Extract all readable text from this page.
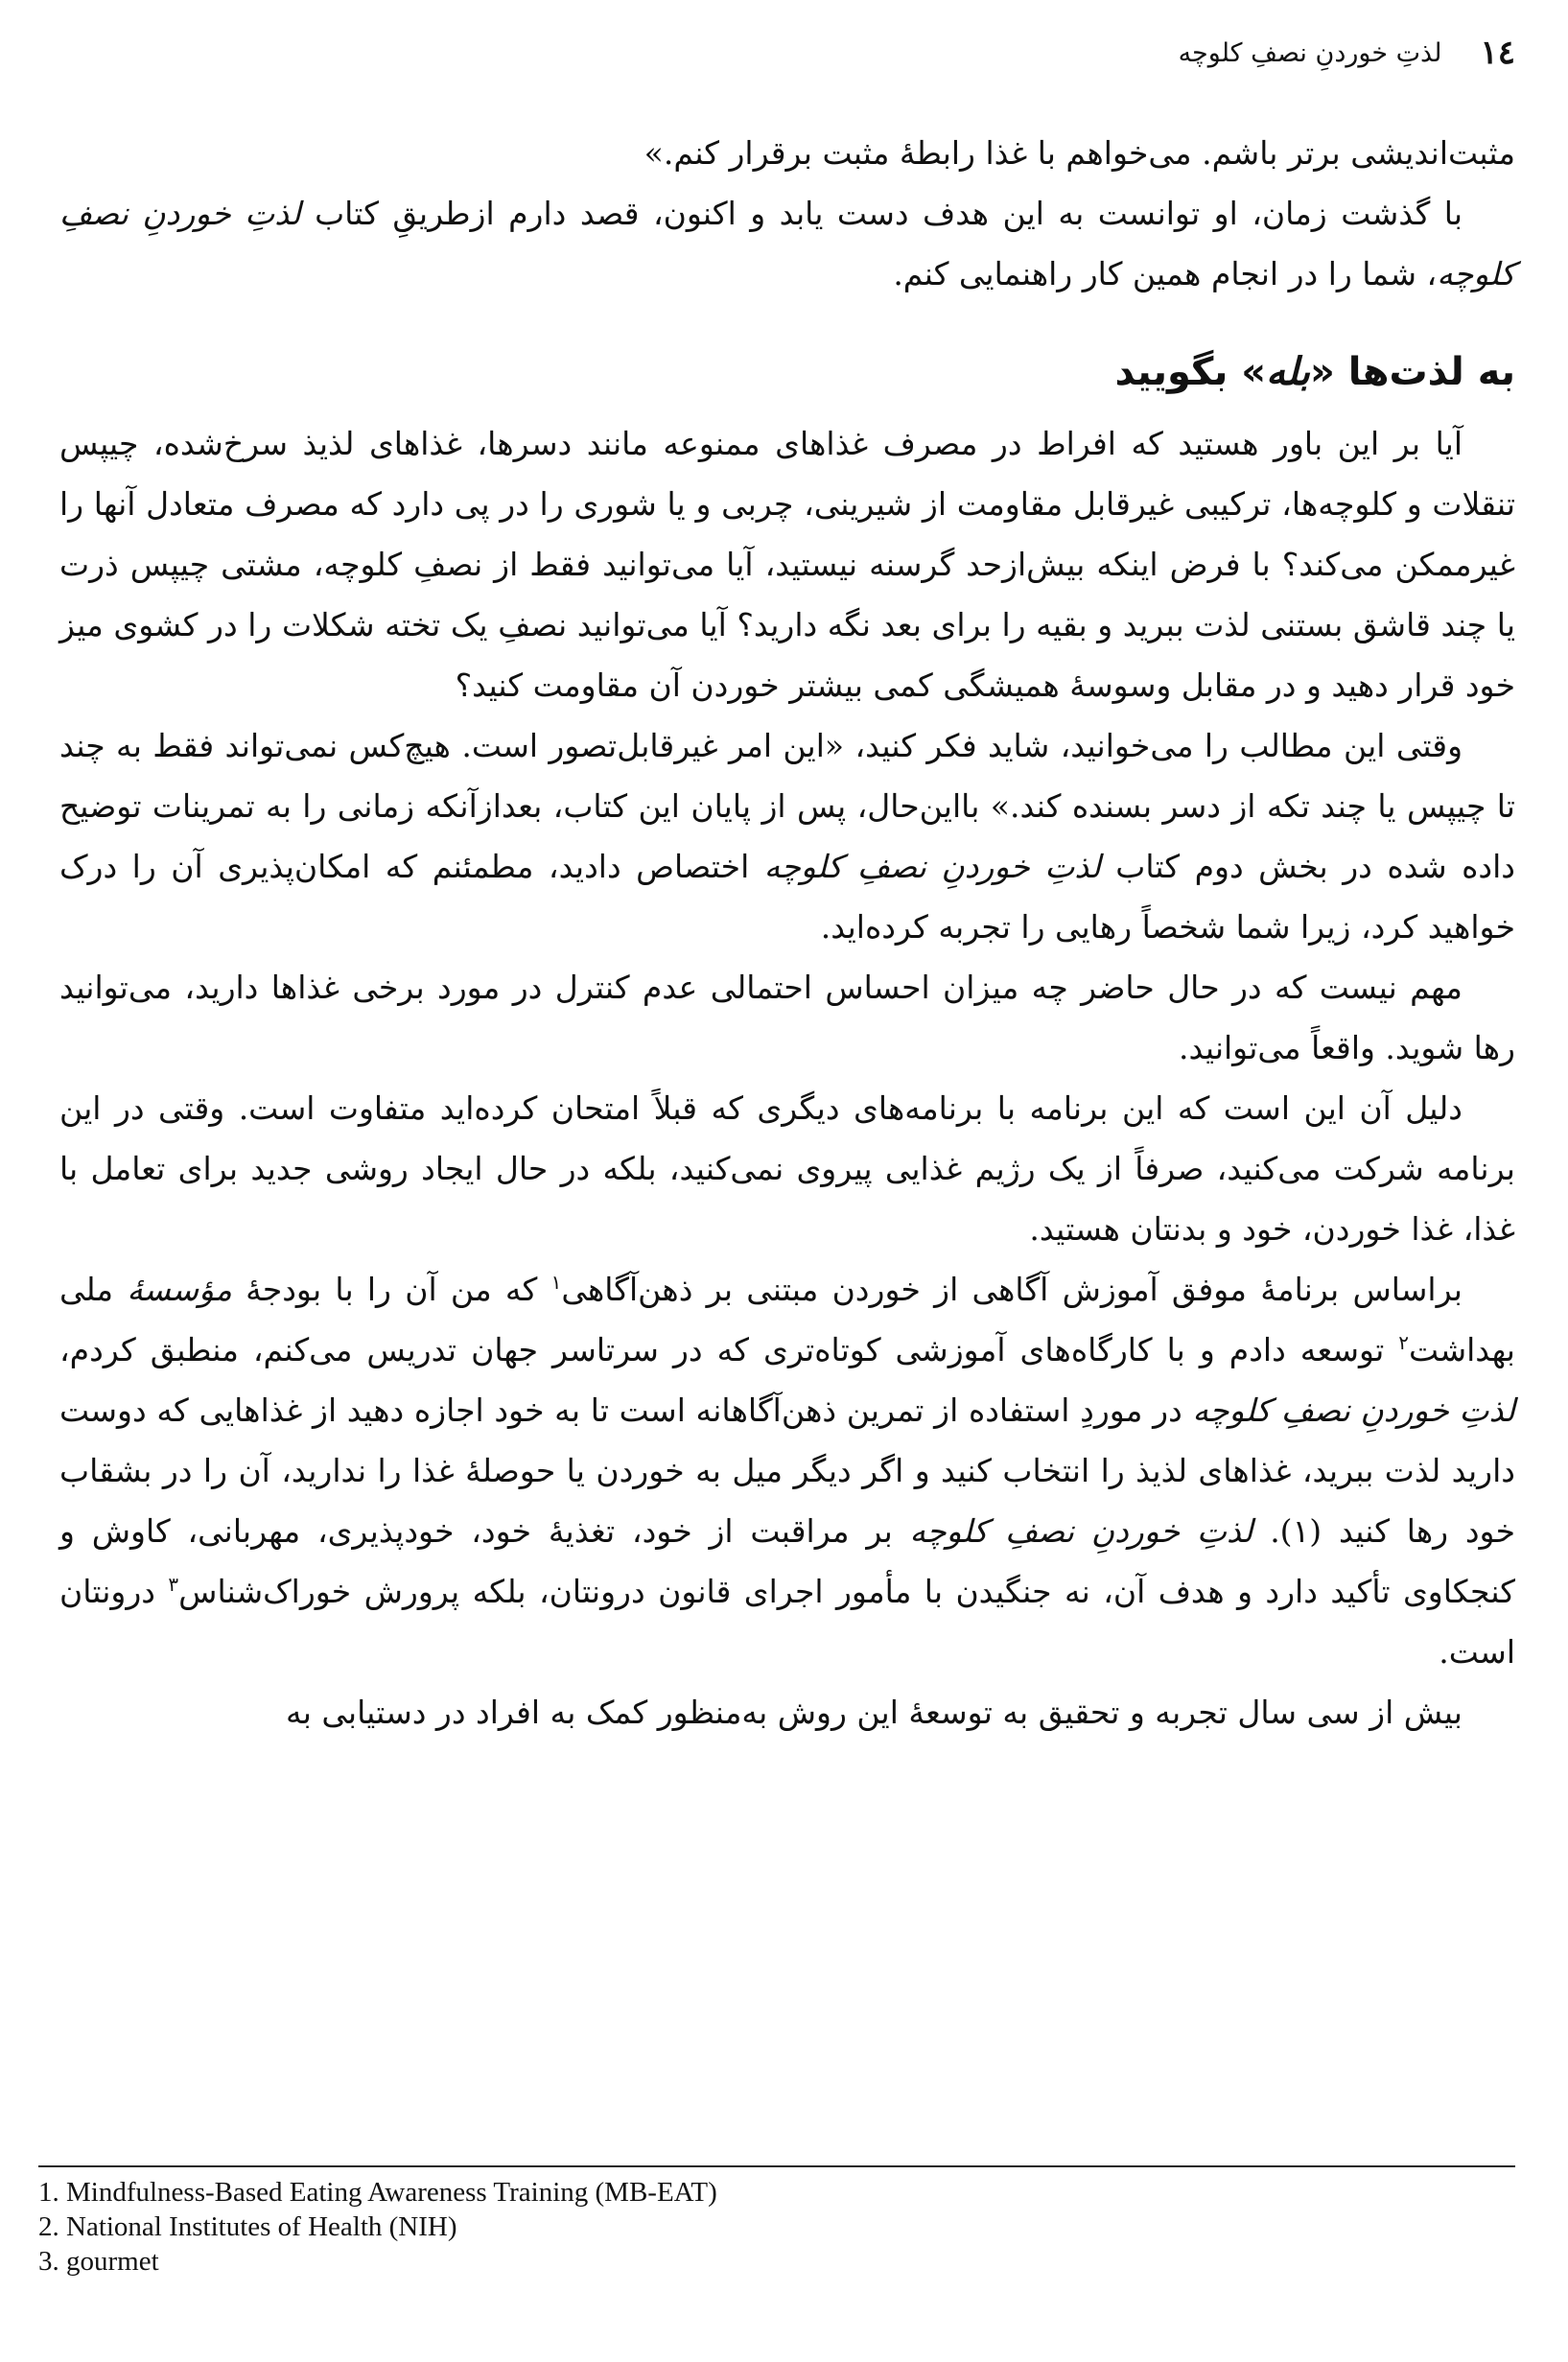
١٤
لذتِ خوردنِ نصفِ کلوچه

مثبت‌اندیشی برتر باشم. می‌خواهم با غذا رابطهٔ مثبت برقرار کنم.»

با گذشت زمان، او توانست به این هدف دست یابد و اکنون، قصد دارم ازطریقِ کتاب لذتِ خوردنِ نصفِ کلوچه، شما را در انجام همین کار راهنمایی کنم.

به لذت‌ها «بله» بگویید

آیا بر این باور هستید که افراط در مصرف غذاهای ممنوعه مانند دسرها، غذاهای لذیذ سرخ‌شده، چیپس تنقلات و کلوچه‌ها، ترکیبی غیرقابل مقاومت از شیرینی، چربی و یا شوری را در پی دارد که مصرف متعادل آنها را غیرممکن می‌کند؟ با فرض اینکه بیش‌ازحد گرسنه نیستید، آیا می‌توانید فقط از نصفِ کلوچه، مشتی چیپس ذرت یا چند قاشق بستنی لذت ببرید و بقیه را برای بعد نگه دارید؟ آیا می‌توانید نصفِ یک تخته شکلات را در کشوی میز خود قرار دهید و در مقابل وسوسهٔ همیشگی کمی بیشتر خوردن آن مقاومت کنید؟

وقتی این مطالب را می‌خوانید، شاید فکر کنید، «این امر غیرقابل‌تصور است. هیچ‌کس نمی‌تواند فقط به چند تا چیپس یا چند تکه از دسر بسنده کند.» بااین‌حال، پس از پایان این کتاب، بعدازآنکه زمانی را به تمرینات توضیح داده شده در بخش دوم کتاب لذتِ خوردنِ نصفِ کلوچه اختصاص دادید، مطمئنم که امکان‌پذیری آن را درک خواهید کرد، زیرا شما شخصاً رهایی را تجربه کرده‌اید.

مهم نیست که در حال حاضر چه میزان احساس احتمالی عدم کنترل در مورد برخی غذاها دارید، می‌توانید رها شوید. واقعاً می‌توانید.

دلیل آن این است که این برنامه با برنامه‌های دیگری که قبلاً امتحان کرده‌اید متفاوت است. وقتی در این برنامه شرکت می‌کنید، صرفاً از یک رژیم غذایی پیروی نمی‌کنید، بلکه در حال ایجاد روشی جدید برای تعامل با غذا، غذا خوردن، خود و بدنتان هستید.

براساس برنامهٔ موفق آموزش آگاهی از خوردن مبتنی بر ذهن‌آگاهی$^۱$ که من آن را با بودجهٔ مؤسسهٔ ملی بهداشت$^۲$ توسعه دادم و با کارگاه‌های آموزشی کوتاه‌تری که در سرتاسر جهان تدریس می‌کنم، منطبق کردم، لذتِ خوردنِ نصفِ کلوچه در موردِ استفاده از تمرین ذهن‌آگاهانه است تا به خود اجازه دهید از غذاهایی که دوست دارید لذت ببرید، غذاهای لذیذ را انتخاب کنید و اگر دیگر میل به خوردن یا حوصلهٔ غذا را ندارید، آن را در بشقاب خود رها کنید (۱). لذتِ خوردنِ نصفِ کلوچه بر مراقبت از خود، تغذیهٔ خود، خودپذیری، مهربانی، کاوش و کنجکاوی تأکید دارد و هدف آن، نه جنگیدن با مأمور اجرای قانون درونتان، بلکه پرورش خوراک‌شناس$^۳$ درونتان است.

بیش از سی سال تجربه و تحقیق به توسعهٔ این روش به‌منظور کمک به افراد در دستیابی به

1. Mindfulness-Based Eating Awareness Training (MB-EAT)
2. National Institutes of Health (NIH)
3. gourmet
